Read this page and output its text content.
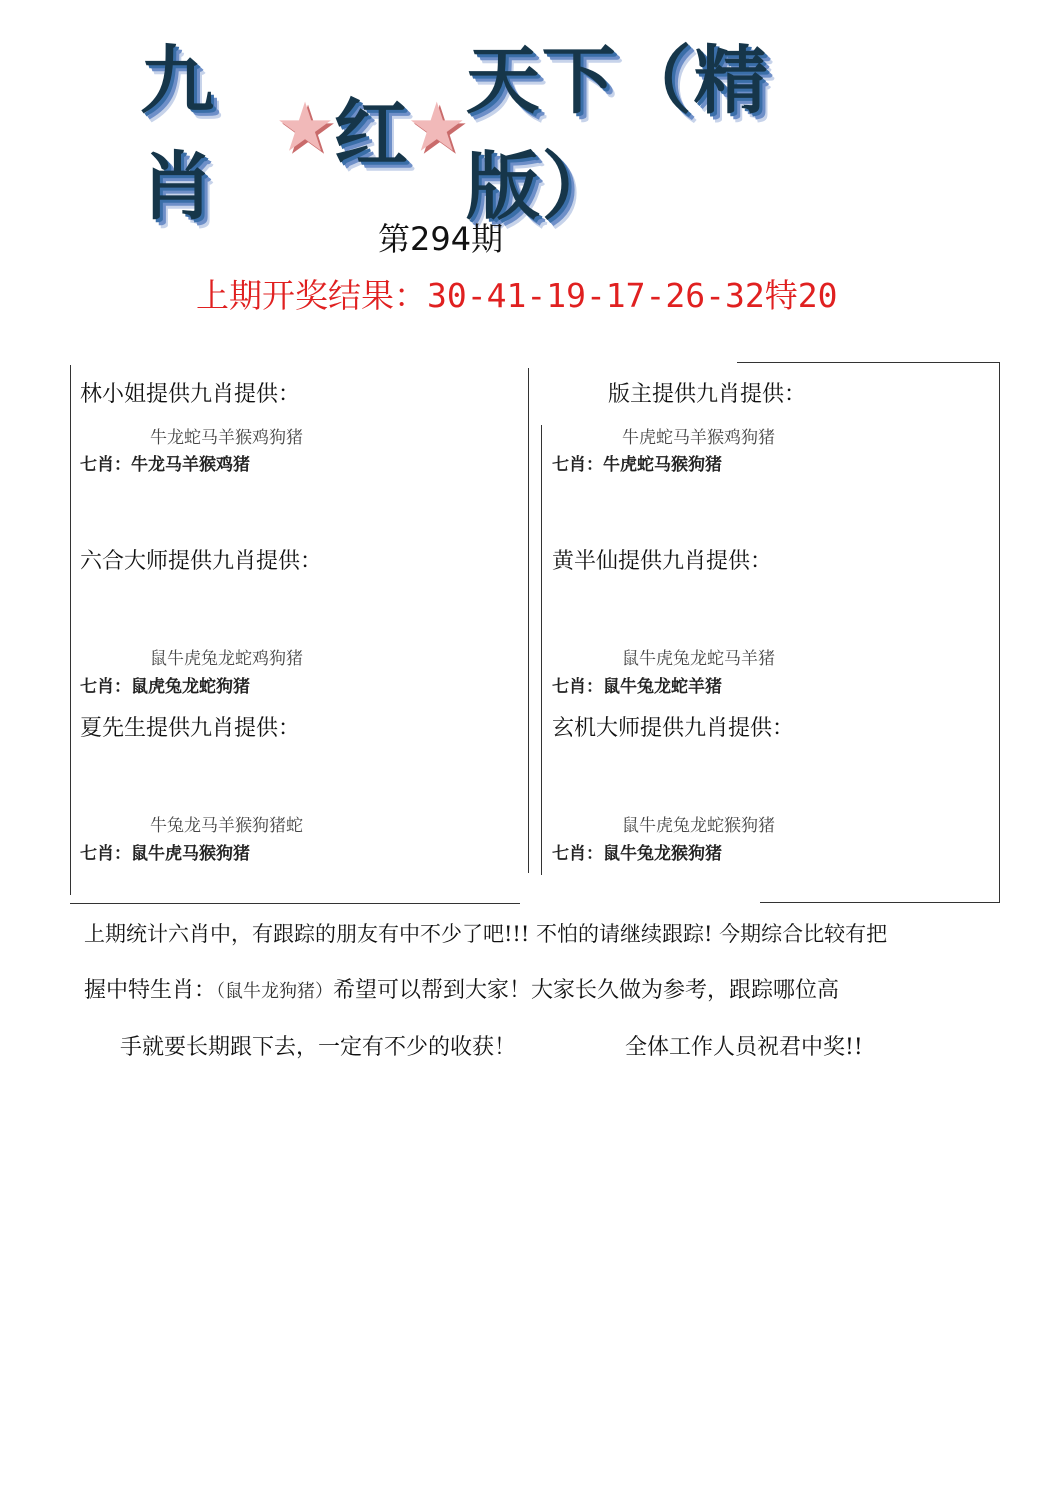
九肖
★ 红 ★
天下（精版）
第294期
上期开奖结果：30-41-19-17-26-32特20
林小姐提供九肖提供：
牛龙蛇马羊猴鸡狗猪
七肖：牛龙马羊猴鸡猪
版主提供九肖提供：
牛虎蛇马羊猴鸡狗猪
七肖：牛虎蛇马猴狗猪
六合大师提供九肖提供：
鼠牛虎兔龙蛇鸡狗猪
七肖：鼠虎兔龙蛇狗猪
黄半仙提供九肖提供：
鼠牛虎兔龙蛇马羊猪
七肖：鼠牛兔龙蛇羊猪
夏先生提供九肖提供：
牛兔龙马羊猴狗猪蛇
七肖：鼠牛虎马猴狗猪
玄机大师提供九肖提供：
鼠牛虎兔龙蛇猴狗猪
七肖：鼠牛兔龙猴狗猪
上期统计六肖中，有跟踪的朋友有中不少了吧!!! 不怕的请继续跟踪! 今期综合比较有把
握中特生肖：（鼠牛龙狗猪）希望可以帮到大家！大家长久做为参考，跟踪哪位高
手就要长期跟下去，一定有不少的收获！	全体工作人员祝君中奖!!
